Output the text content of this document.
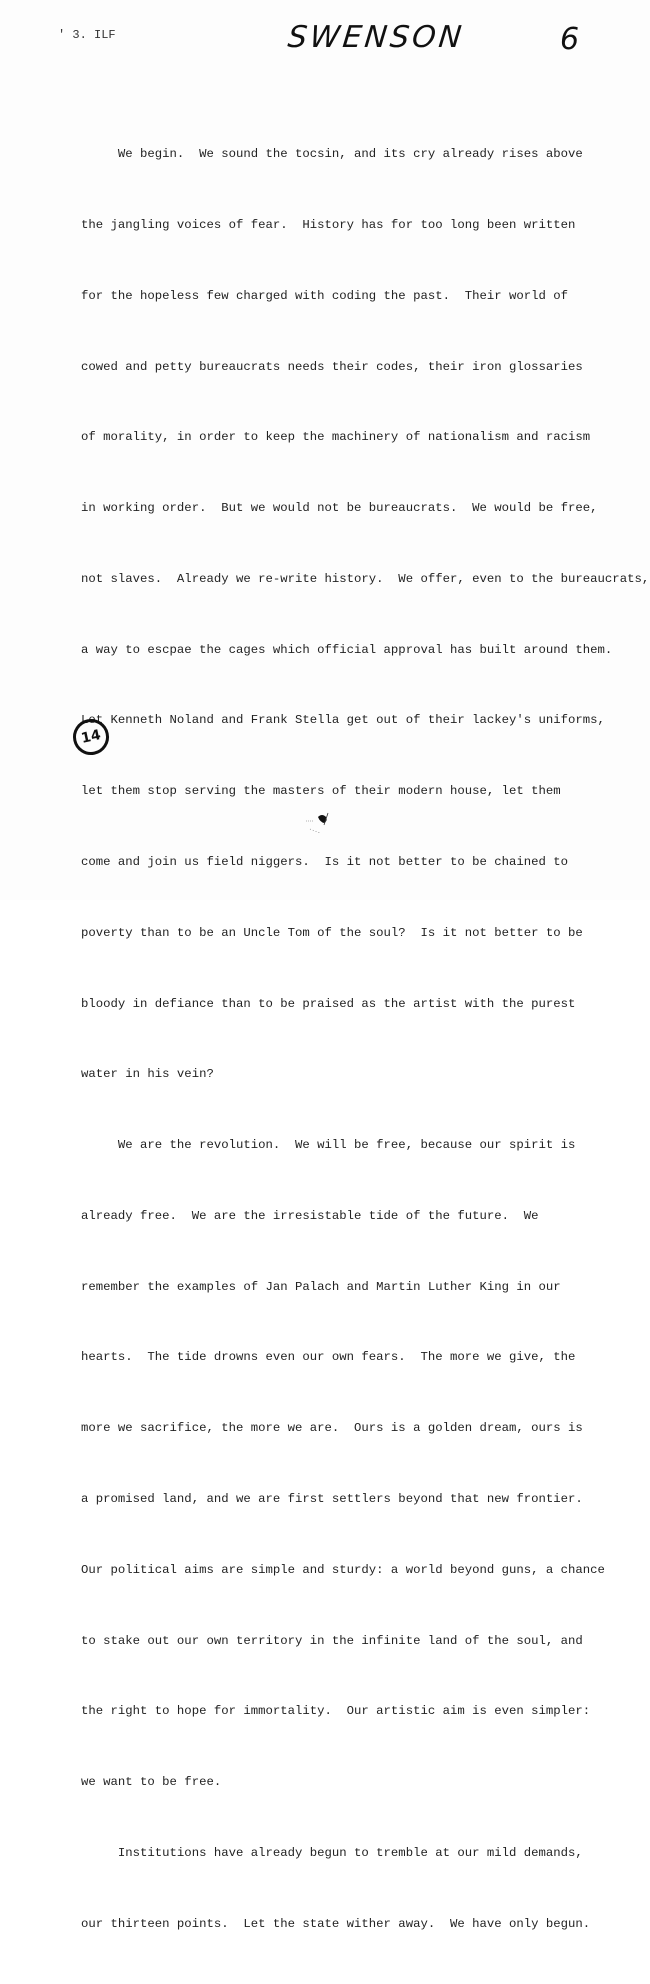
' 3. ILF	SWENSON	6

We begin.  We sound the tocsin, and its cry already rises above

the jangling voices of fear.  History has for too long been written

for the hopeless few charged with coding the past.  Their world of

cowed and petty bureaucrats needs their codes, their iron glossaries

of morality, in order to keep the machinery of nationalism and racism

in working order.  But we would not be bureaucrats.  We would be free,

not slaves.  Already we re-write history.  We offer, even to the bureaucrats,

a way to escpae the cages which official approval has built around them.

Let Kenneth Noland and Frank Stella get out of their lackey's uniforms,

let them stop serving the masters of their modern house, let them

come and join us field niggers.  Is it not better to be chained to

poverty than to be an Uncle Tom of the soul?  Is it not better to be

bloody in defiance than to be praised as the artist with the purest

water in his vein?

We are the revolution.  We will be free, because our spirit is

already free.  We are the irresistable tide of the future.  We

remember the examples of Jan Palach and Martin Luther King in our

hearts.  The tide drowns even our own fears.  The more we give, the

more we sacrifice, the more we are.  Ours is a golden dream, ours is

a promised land, and we are first settlers beyond that new frontier.

Our political aims are simple and sturdy: a world beyond guns, a chance

to stake out our own territory in the infinite land of the soul, and

the right to hope for immortality.  Our artistic aim is even simpler:

we want to be free.

Institutions have already begun to tremble at our mild demands,

our thirteen points.  Let the state wither away.  We have only begun.

14
